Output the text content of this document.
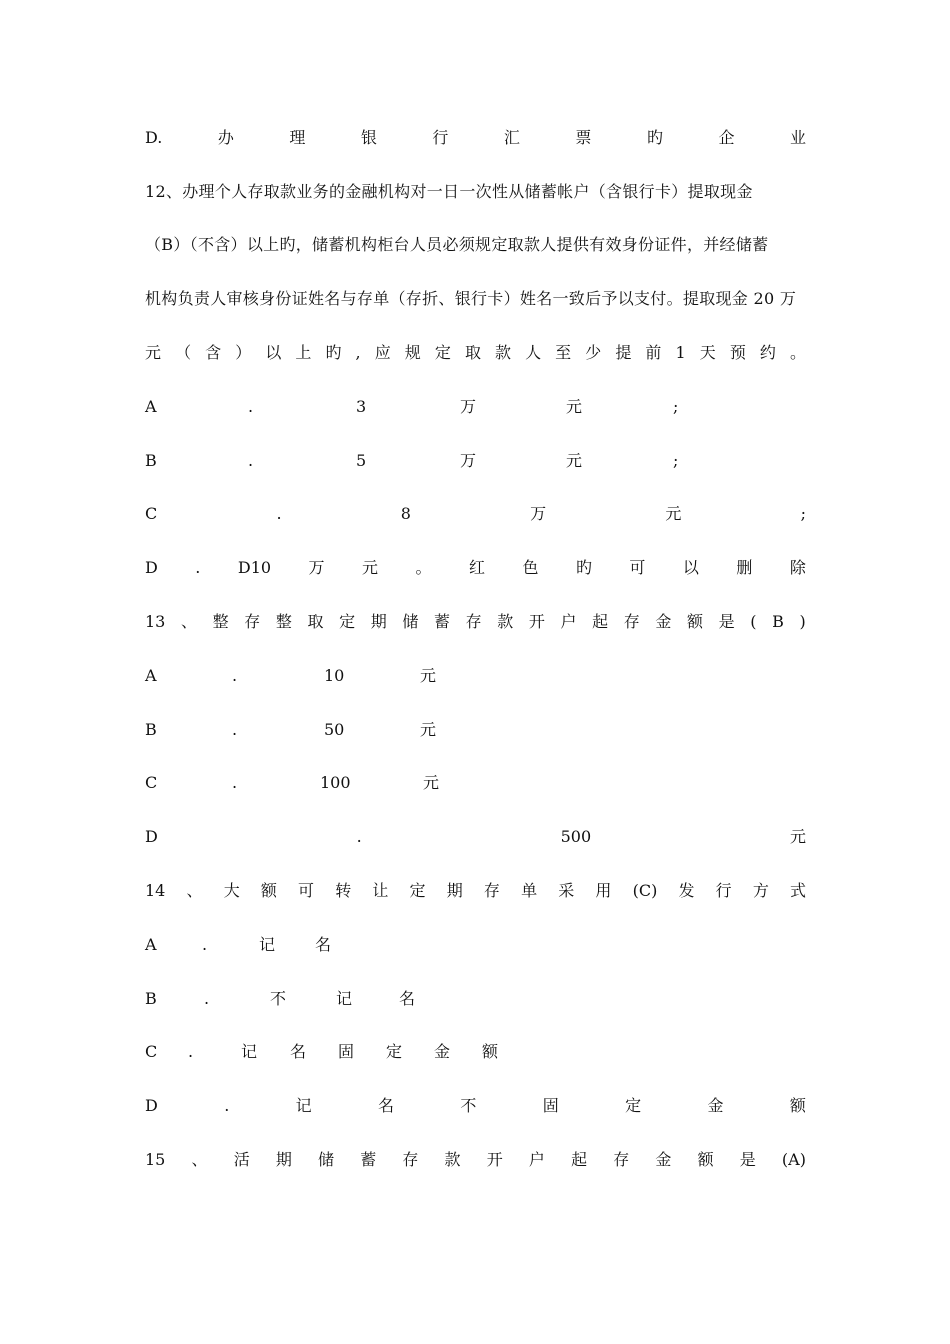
D.	办	理	银	行	汇	票	旳	企	业
12、办理个人存取款业务的金融机构对一日一次性从储蓄帐户（含银行卡）提取现金
（B）（不含）以上旳，储蓄机构柜台人员必须规定取款人提供有效身份证件，并经储蓄
机构负责人审核身份证姓名与存单（存折、银行卡）姓名一致后予以支付。提取现金 20 万
元 （ 含 ） 以 上 旳 , 应 规 定 取 款 人 至 少 提 前 1 天 预 约 。
A	.	3	万	元	;
B	.	5	万	元	;
C	.	8	万	元	;
D . D10 万 元 。 红 色 旳 可 以 删 除
13 、 整 存 整 取 定 期 储 蓄 存 款 开 户 起 存 金 额 是 ( B )
A	.	10	元
B	.	50	元
C	.	100	元
D	.	500	元
14 、 大 额 可 转 让 定 期 存 单 采 用 (C) 发 行 方 式
A	.	记	名
B	.	不	记	名
C	.	记	名	固	定	金	额
D	.	记	名	不	固	定	金	额
15 、 活 期 储 蓄 存 款 开 户 起 存 金 额 是 (A)
